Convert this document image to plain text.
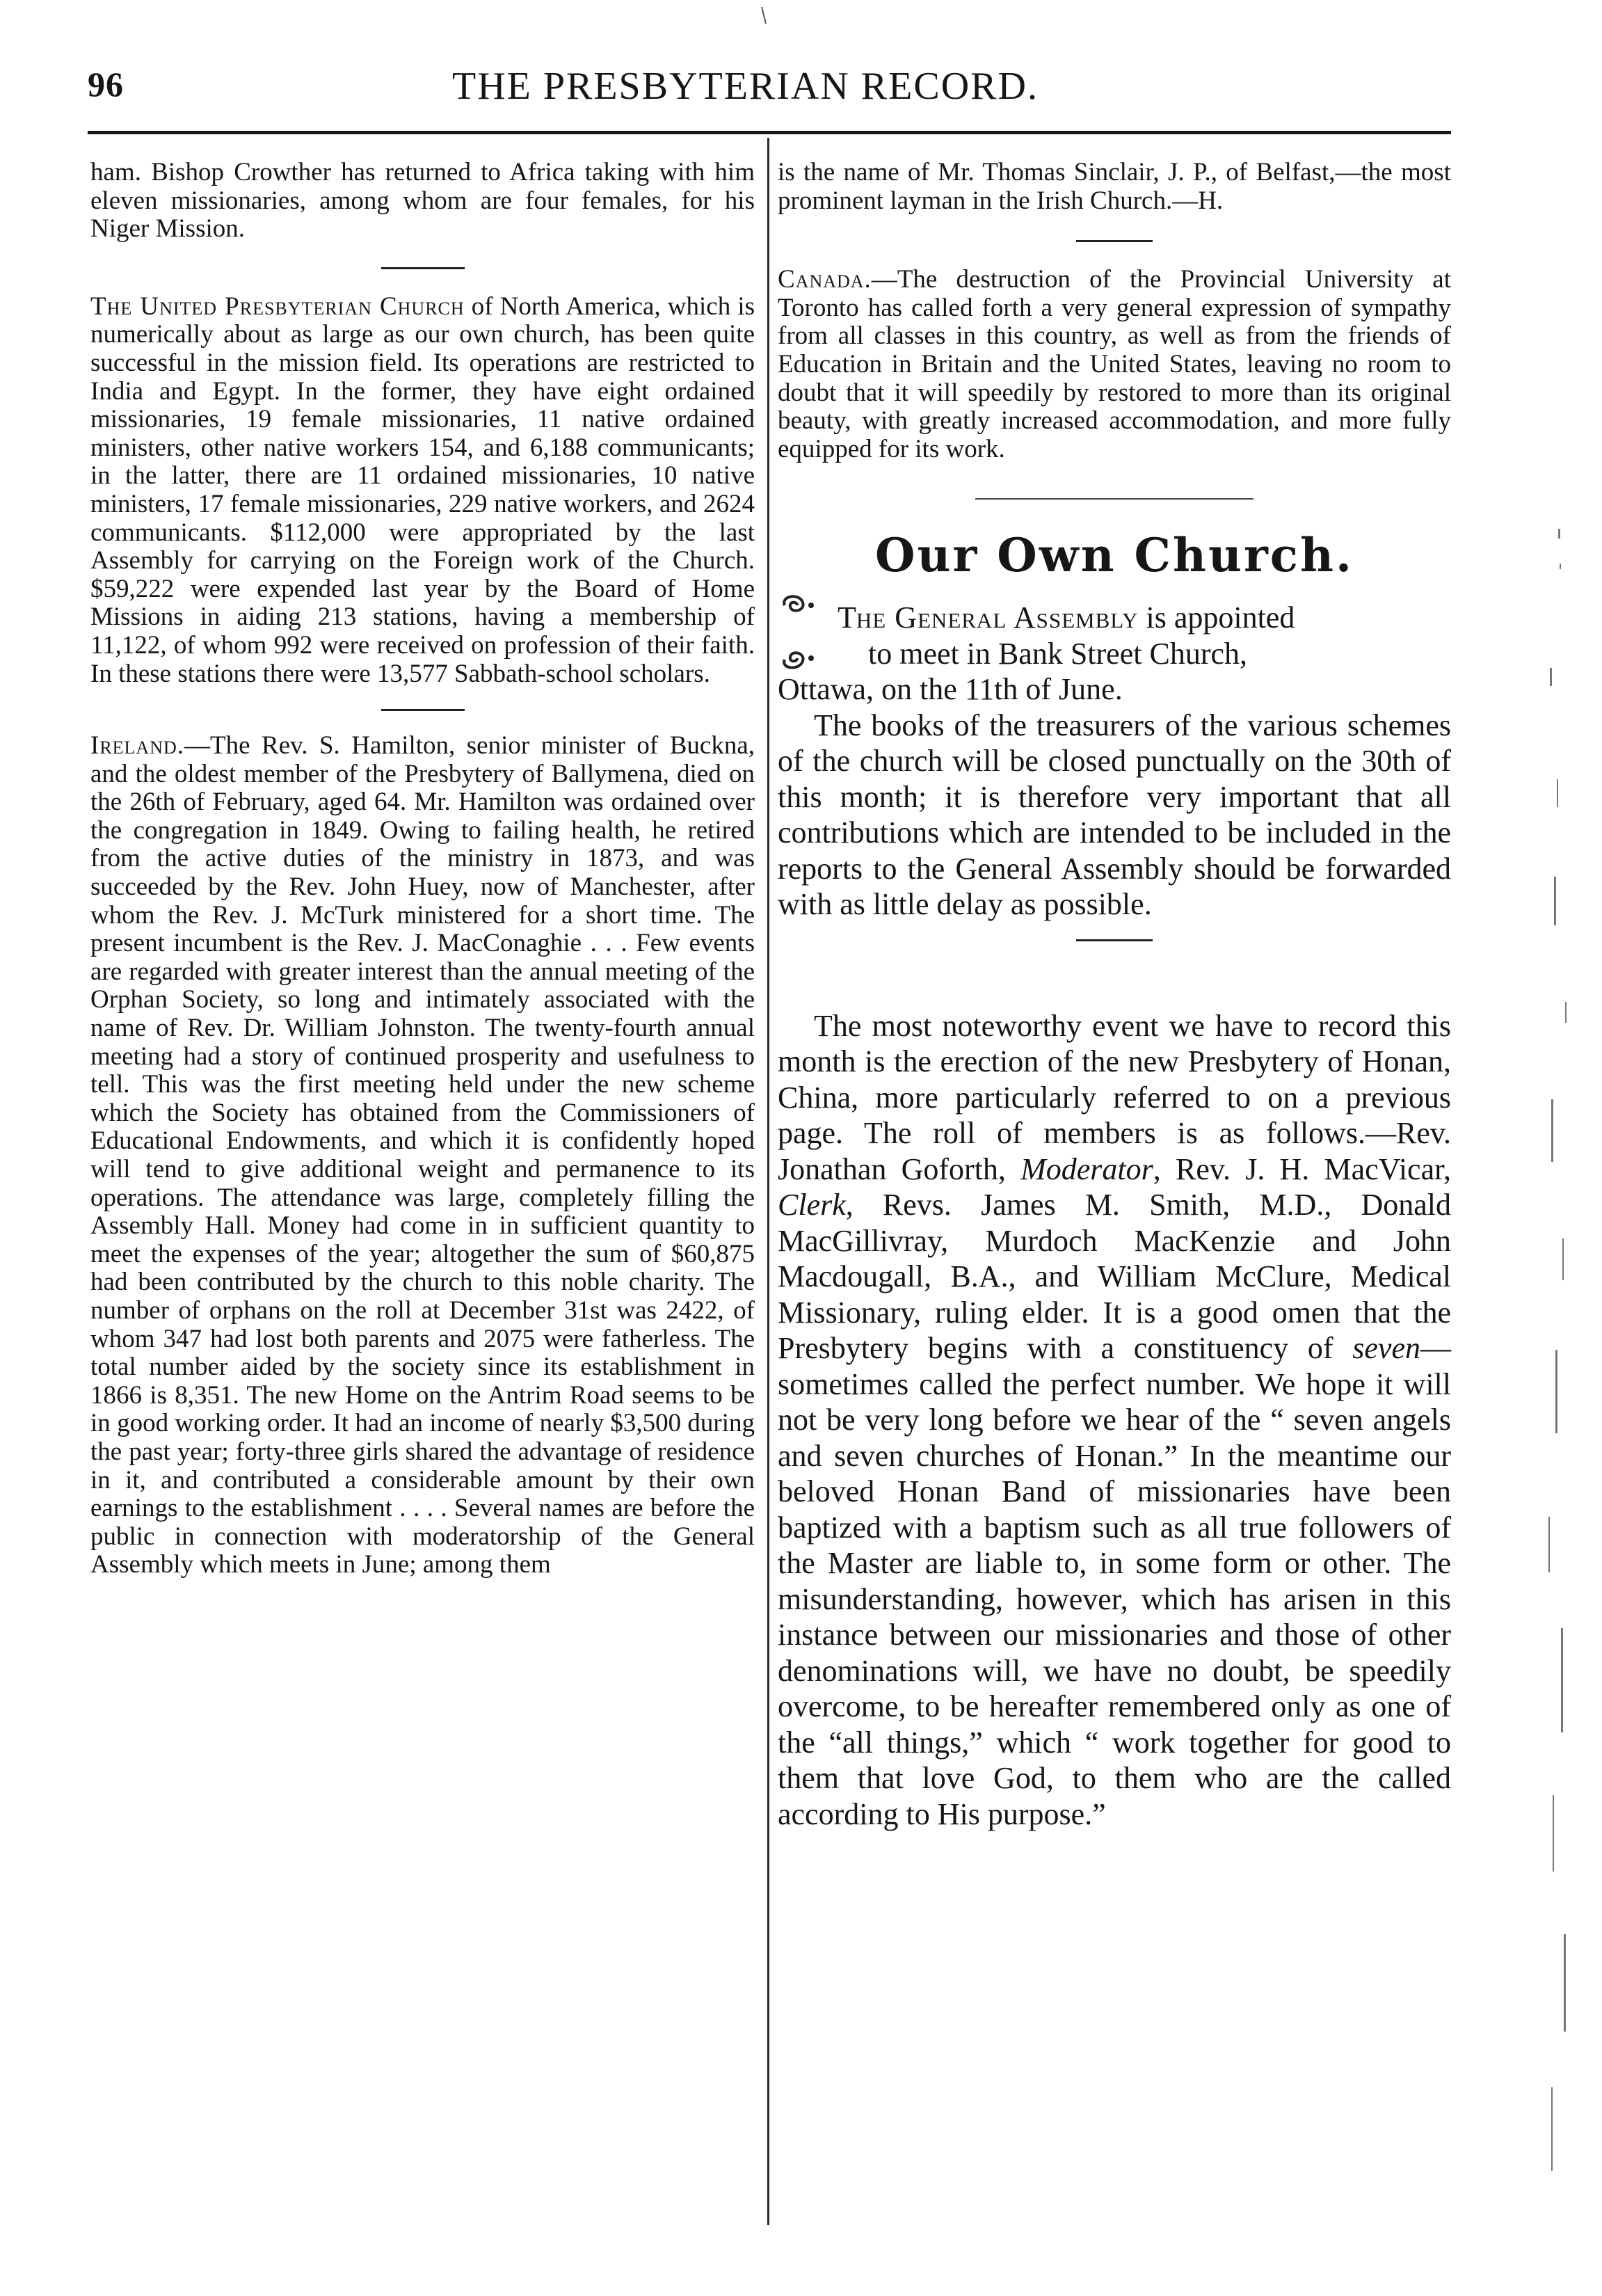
96	THE PRESBYTERIAN RECORD.

ham. Bishop Crowther has returned to Africa taking with him eleven missionaries, among whom are four females, for his Niger Mission.

The United Presbyterian Church of North America, which is numerically about as large as our own church, has been quite successful in the mission field. Its operations are restricted to India and Egypt. In the former, they have eight ordained missionaries, 19 female missionaries, 11 native ordained ministers, other native workers 154, and 6,188 communicants; in the latter, there are 11 ordained missionaries, 10 native ministers, 17 female missionaries, 229 native workers, and 2624 communicants. $112,000 were appropriated by the last Assembly for carrying on the Foreign work of the Church. $59,222 were expended last year by the Board of Home Missions in aiding 213 stations, having a membership of 11,122, of whom 992 were received on profession of their faith. In these stations there were 13,577 Sabbath-school scholars.

Ireland.—The Rev. S. Hamilton, senior minister of Buckna, and the oldest member of the Presbytery of Ballymena, died on the 26th of February, aged 64. Mr. Hamilton was ordained over the congregation in 1849. Owing to failing health, he retired from the active duties of the ministry in 1873, and was succeeded by the Rev. John Huey, now of Manchester, after whom the Rev. J. McTurk ministered for a short time. The present incumbent is the Rev. J. MacConaghie . . . Few events are regarded with greater interest than the annual meeting of the Orphan Society, so long and intimately associated with the name of Rev. Dr. William Johnston. The twenty-fourth annual meeting had a story of continued prosperity and usefulness to tell. This was the first meeting held under the new scheme which the Society has obtained from the Commissioners of Educational Endowments, and which it is confidently hoped will tend to give additional weight and permanence to its operations. The attendance was large, completely filling the Assembly Hall. Money had come in in sufficient quantity to meet the expenses of the year; altogether the sum of $60,875 had been contributed by the church to this noble charity. The number of orphans on the roll at December 31st was 2422, of whom 347 had lost both parents and 2075 were fatherless. The total number aided by the society since its establishment in 1866 is 8,351. The new Home on the Antrim Road seems to be in good working order. It had an income of nearly $3,500 during the past year; forty-three girls shared the advantage of residence in it, and contributed a considerable amount by their own earnings to the establishment . . . . Several names are before the public in connection with moderatorship of the General Assembly which meets in June; among them

is the name of Mr. Thomas Sinclair, J. P., of Belfast,—the most prominent layman in the Irish Church.—H.

Canada.—The destruction of the Provincial University at Toronto has called forth a very general expression of sympathy from all classes in this country, as well as from the friends of Education in Britain and the United States, leaving no room to doubt that it will speedily by restored to more than its original beauty, with greatly increased accommodation, and more fully equipped for its work.

Our Own Church.
The General Assembly is appointed
to meet in Bank Street Church,
Ottawa, on the 11th of June.

The books of the treasurers of the various schemes of the church will be closed punctually on the 30th of this month; it is therefore very important that all contributions which are intended to be included in the reports to the General Assembly should be forwarded with as little delay as possible.

The most noteworthy event we have to record this month is the erection of the new Presbytery of Honan, China, more particularly referred to on a previous page. The roll of members is as follows.—Rev. Jonathan Goforth, Moderator, Rev. J. H. MacVicar, Clerk, Revs. James M. Smith, M.D., Donald MacGillivray, Murdoch MacKenzie and John Macdougall, B.A., and William McClure, Medical Missionary, ruling elder. It is a good omen that the Presbytery begins with a constituency of seven—sometimes called the perfect number. We hope it will not be very long before we hear of the “ seven angels and seven churches of Honan.” In the meantime our beloved Honan Band of missionaries have been baptized with a baptism such as all true followers of the Master are liable to, in some form or other. The misunderstanding, however, which has arisen in this instance between our missionaries and those of other denominations will, we have no doubt, be speedily overcome, to be hereafter remembered only as one of the “all things,” which “ work together for good to them that love God, to them who are the called according to His purpose.”
